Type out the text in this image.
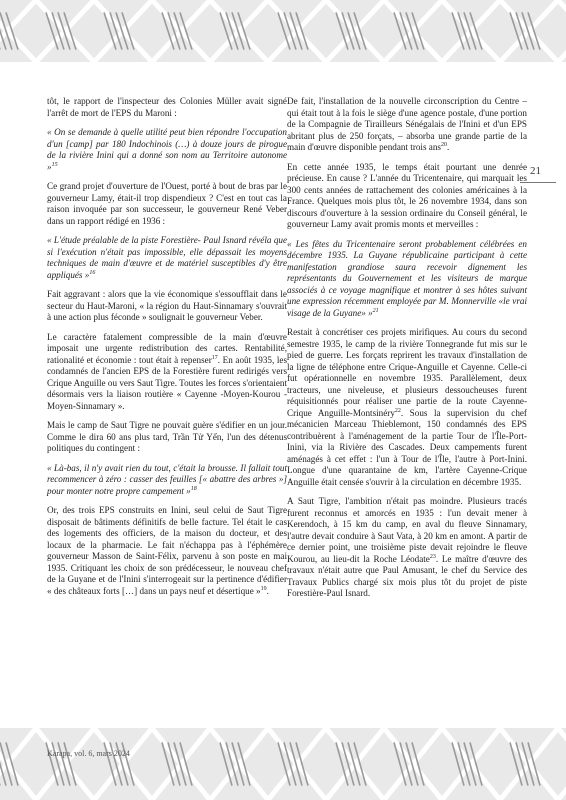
tôt, le rapport de l'inspecteur des Colonies Müller avait signé l'arrêt de mort de l'EPS du Maroni :

« On se demande à quelle utilité peut bien répondre l'occupation d'un [camp] par 180 Indochinois (…) à douze jours de pirogue de la rivière Inini qui a donné son nom au Territoire autonome »$^{15}$

Ce grand projet d'ouverture de l'Ouest, porté à bout de bras par le gouverneur Lamy, était-il trop dispendieux ? C'est en tout cas la raison invoquée par son successeur, le gouverneur René Veber dans un rapport rédigé en 1936 :

« L'étude préalable de la piste Forestière- Paul Isnard révéla que si l'exécution n'était pas impossible, elle dépassait les moyens techniques de main d'œuvre et de matériel susceptibles d'y être appliqués »$^{16}$

Fait aggravant : alors que la vie économique s'essoufflait dans le secteur du Haut-Maroni, « la région du Haut-Sinnamary s'ouvrait à une action plus féconde » soulignait le gouverneur Veber.

Le caractère fatalement compressible de la main d'œuvre imposait une urgente redistribution des cartes. Rentabilité, rationalité et économie : tout était à repenser$^{17}$. En août 1935, les condamnés de l'ancien EPS de la Forestière furent redirigés vers Crique Anguille ou vers Saut Tigre. Toutes les forces s'orientaient désormais vers la liaison routière « Cayenne -Moyen-Kourou - Moyen-Sinnamary ».

Mais le camp de Saut Tigre ne pouvait guère s'édifier en un jour. Comme le dira 60 ans plus tard, Trần Tử Yến, l'un des détenus politiques du contingent :

« Là-bas, il n'y avait rien du tout, c'était la brousse. Il fallait tout recommencer à zéro : casser des feuilles [« abattre des arbres »] pour monter notre propre campement »$^{18}$

Or, des trois EPS construits en Inini, seul celui de Saut Tigre disposait de bâtiments définitifs de belle facture. Tel était le cas des logements des officiers, de la maison du docteur, et des locaux de la pharmacie. Le fait n'échappa pas à l'éphémère gouverneur Masson de Saint-Félix, parvenu à son poste en mai 1935. Critiquant les choix de son prédécesseur, le nouveau chef de la Guyane et de l'Inini s'interrogeait sur la pertinence d'édifier « des châteaux forts […] dans un pays neuf et désertique »$^{19}$.

De fait, l'installation de la nouvelle circonscription du Centre –qui était tout à la fois le siège d'une agence postale, d'une portion de la Compagnie de Tirailleurs Sénégalais de l'Inini et d'un EPS abritant plus de 250 forçats, – absorba une grande partie de la main d'œuvre disponible pendant trois ans$^{20}$.

En cette année 1935, le temps était pourtant une denrée précieuse. En cause ? L'année du Tricentenaire, qui marquait les 300 cents années de rattachement des colonies américaines à la France. Quelques mois plus tôt, le 26 novembre 1934, dans son discours d'ouverture à la session ordinaire du Conseil général, le gouverneur Lamy avait promis monts et merveilles :

« Les fêtes du Tricentenaire seront probablement célébrées en décembre 1935. La Guyane républicaine participant à cette manifestation grandiose saura recevoir dignement les représentants du Gouvernement et les visiteurs de marque associés à ce voyage magnifique et montrer à ses hôtes suivant une expression récemment employée par M. Monnerville «le vrai visage de la Guyane» »$^{21}$

Restait à concrétiser ces projets mirifiques. Au cours du second semestre 1935, le camp de la rivière Tonnegrande fut mis sur le pied de guerre. Les forçats reprirent les travaux d'installation de la ligne de téléphone entre Crique-Anguille et Cayenne. Celle-ci fut opérationnelle en novembre 1935. Parallèlement, deux tracteurs, une niveleuse, et plusieurs dessoucheuses furent réquisitionnés pour réaliser une partie de la route Cayenne-Crique Anguille-Montsinéry$^{22}$. Sous la supervision du chef mécanicien Marceau Thieblemont, 150 condamnés des EPS contribuèrent à l'aménagement de la partie Tour de l'Île-Port-Inini, via la Rivière des Cascades. Deux campements furent aménagés à cet effet : l'un à Tour de l'Île, l'autre à Port-Inini. Longue d'une quarantaine de km, l'artère Cayenne-Crique Anguille était censée s'ouvrir à la circulation en décembre 1935.

A Saut Tigre, l'ambition n'était pas moindre. Plusieurs tracés furent reconnus et amorcés en 1935 : l'un devait mener à Kerendoch, à 15 km du camp, en aval du fleuve Sinnamary, l'autre devait conduire à Saut Vata, à 20 km en amont. A partir de ce dernier point, une troisième piste devait rejoindre le fleuve Kourou, au lieu-dit la Roche Léodate$^{23}$. Le maître d'œuvre des travaux n'était autre que Paul Amusant, le chef du Service des Travaux Publics chargé six mois plus tôt du projet de piste Forestière-Paul Isnard.

21
Karapa, vol. 6, mars 2024
